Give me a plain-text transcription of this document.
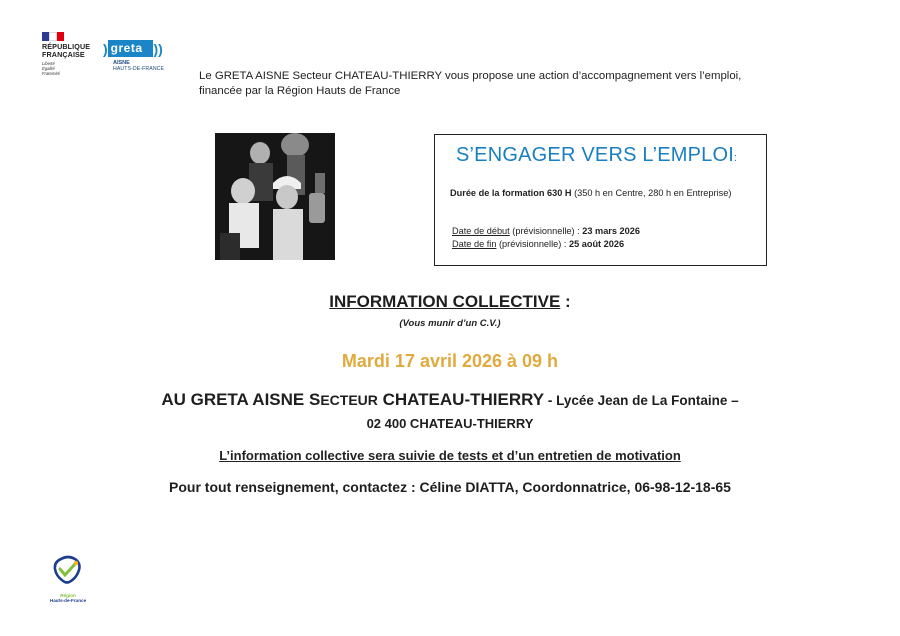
RÉPUBLIQUE
FRANÇAISE
Liberté
Égalité
Fraternité
) greta ))
AISNE
HAUTS-DE-FRANCE
Le GRETA AISNE Secteur CHATEAU-THIERRY vous propose une action d’accompagnement vers l’emploi,
financée par la Région Hauts de France
S’ENGAGER VERS L’EMPLOI:
Durée de la formation 630 H (350 h en Centre, 280 h en Entreprise)
Date de début (prévisionnelle) : 23 mars 2026
Date de fin (prévisionnelle) : 25 août 2026
INFORMATION COLLECTIVE :
(Vous munir d’un C.V.)
Mardi 17 avril 2026 à 09 h
AU GRETA AISNE SECTEUR CHATEAU-THIERRY - Lycée Jean de La Fontaine –
02 400 CHATEAU-THIERRY
L’information collective sera suivie de tests et d’un entretien de motivation
Pour tout renseignement, contactez : Céline DIATTA, Coordonnatrice, 06-98-12-18-65
Région
Hauts-de-France
